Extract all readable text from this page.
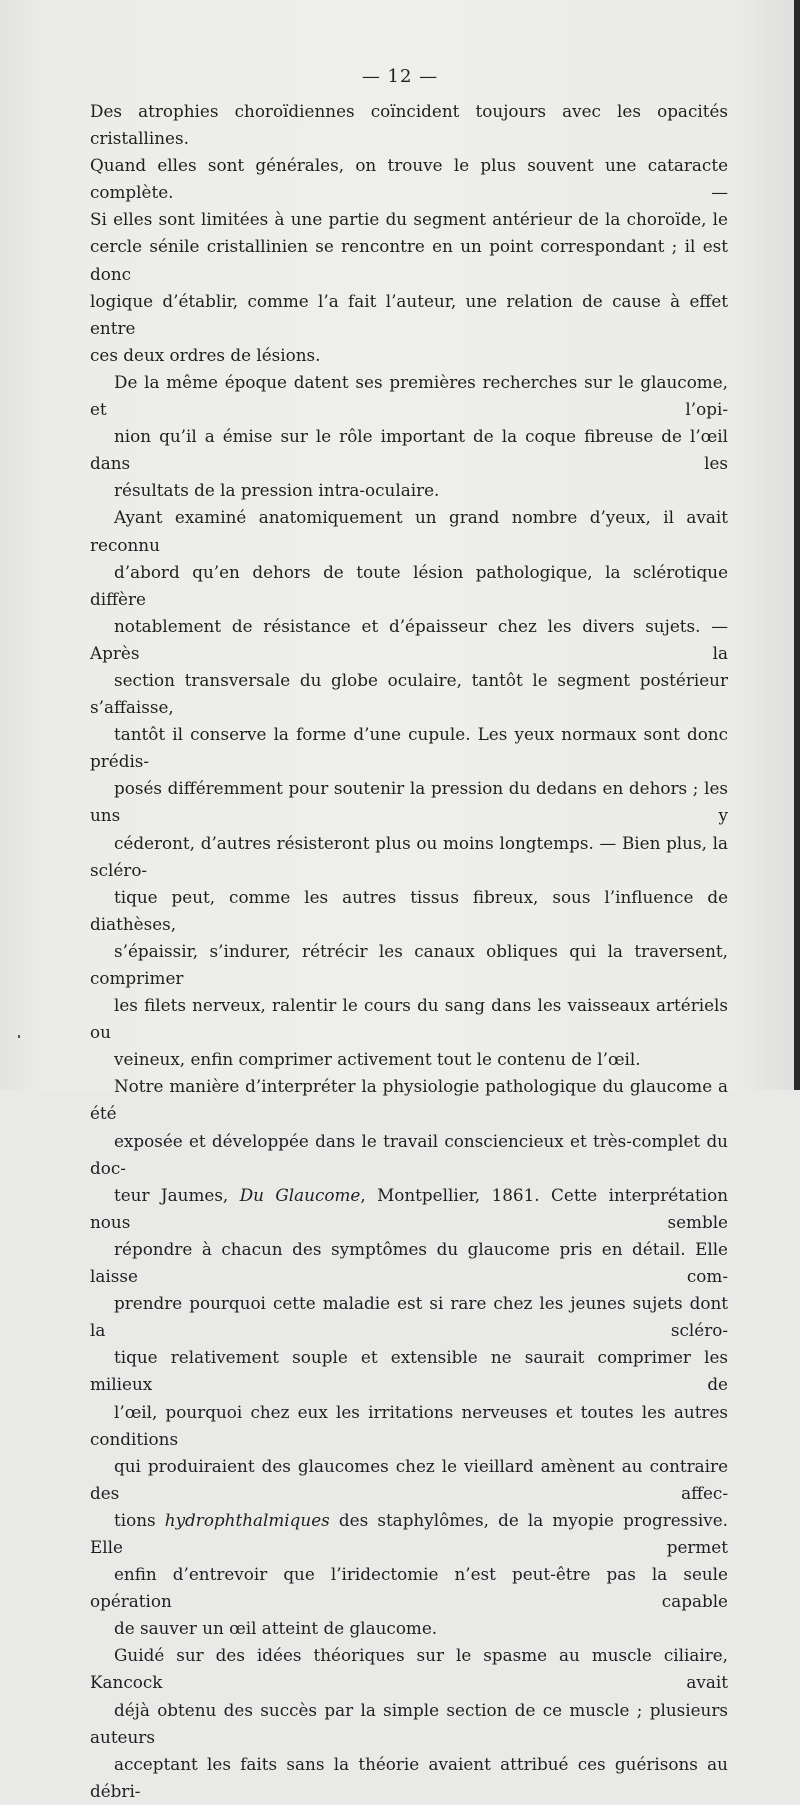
— 12 —

Des atrophies choroïdiennes coïncident toujours avec les opacités cristallines.
Quand elles sont générales, on trouve le plus souvent une cataracte complète. —
Si elles sont limitées à une partie du segment antérieur de la choroïde, le
cercle sénile cristallinien se rencontre en un point correspondant ; il est donc
logique d’établir, comme l’a fait l’auteur, une relation de cause à effet entre
ces deux ordres de lésions.

De la même époque datent ses premières recherches sur le glaucome, et l’opi-
nion qu’il a émise sur le rôle important de la coque fibreuse de l’œil dans les
résultats de la pression intra-oculaire.

Ayant examiné anatomiquement un grand nombre d’yeux, il avait reconnu
d’abord qu’en dehors de toute lésion pathologique, la sclérotique diffère
notablement de résistance et d’épaisseur chez les divers sujets. — Après la
section transversale du globe oculaire, tantôt le segment postérieur s’affaisse,
tantôt il conserve la forme d’une cupule. Les yeux normaux sont donc prédis-
posés différemment pour soutenir la pression du dedans en dehors ; les uns y
céderont, d’autres résisteront plus ou moins longtemps. — Bien plus, la scléro-
tique peut, comme les autres tissus fibreux, sous l’influence de diathèses,
s’épaissir, s’indurer, rétrécir les canaux obliques qui la traversent, comprimer
les filets nerveux, ralentir le cours du sang dans les vaisseaux artériels ou
veineux, enfin comprimer activement tout le contenu de l’œil.

Notre manière d’interpréter la physiologie pathologique du glaucome a été
exposée et développée dans le travail consciencieux et très-complet du doc-
teur Jaumes, Du Glaucome, Montpellier, 1861. Cette interprétation nous semble
répondre à chacun des symptômes du glaucome pris en détail. Elle laisse com-
prendre pourquoi cette maladie est si rare chez les jeunes sujets dont la scléro-
tique relativement souple et extensible ne saurait comprimer les milieux de
l’œil, pourquoi chez eux les irritations nerveuses et toutes les autres conditions
qui produiraient des glaucomes chez le vieillard amènent au contraire des affec-
tions hydrophthalmiques des staphylômes, de la myopie progressive. Elle permet
enfin d’entrevoir que l’iridectomie n’est peut-être pas la seule opération capable
de sauver un œil atteint de glaucome.

Guidé sur des idées théoriques sur le spasme au muscle ciliaire, Kancock avait
déjà obtenu des succès par la simple section de ce muscle ; plusieurs auteurs
acceptant les faits sans la théorie avaient attribué ces guérisons au débri-
